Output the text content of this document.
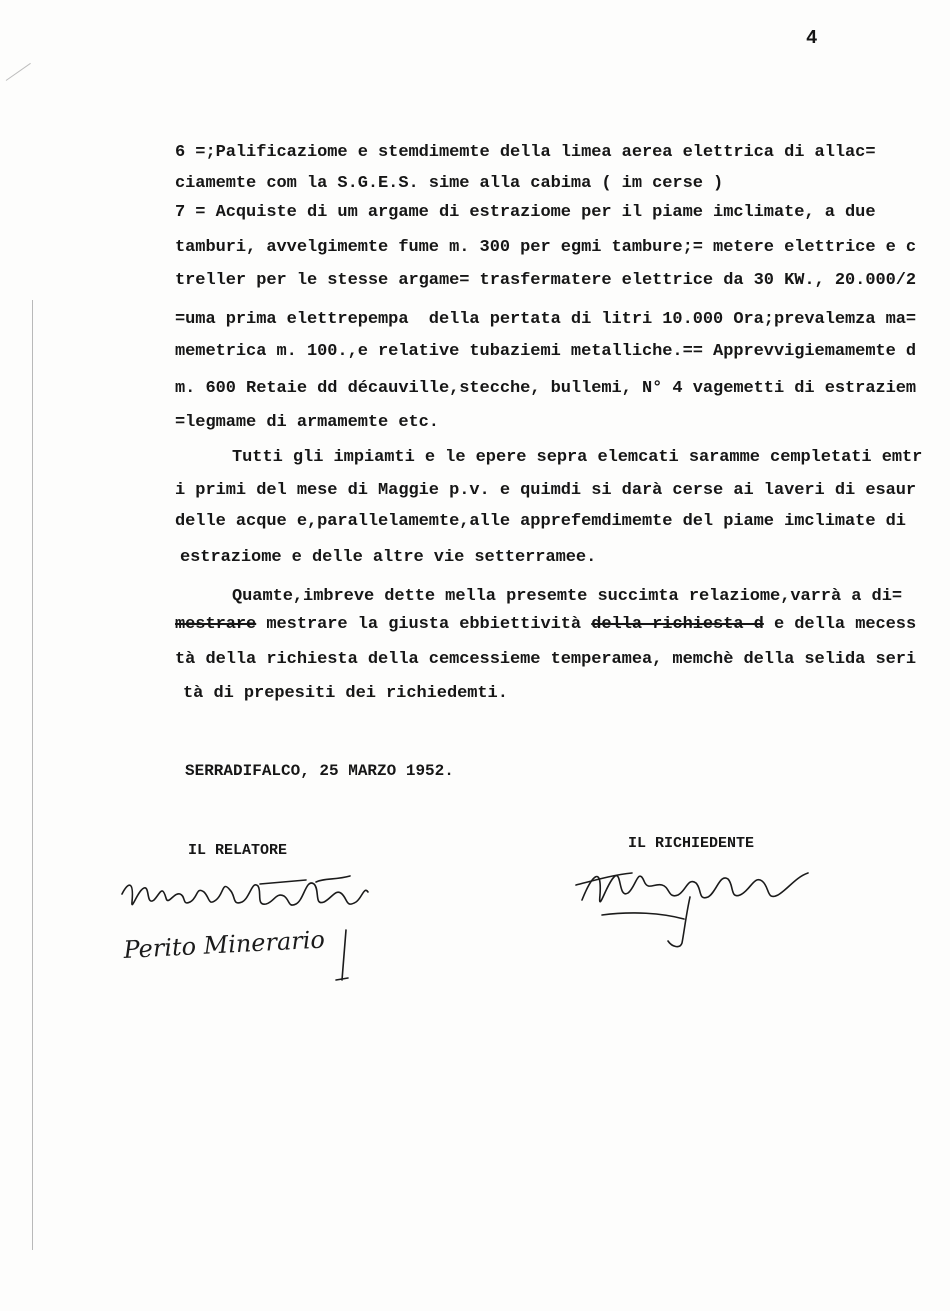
4
6 =;Palificaziome e stemdimemte della limea aerea elettrica di allac=
ciamemte com la S.G.E.S. sime alla cabima ( im cerse )
7 = Acquiste di um argame di estraziome per il piame imclimate, a due
tamburi, avvelgimemte fume m. 300 per egmi tambure;= metere elettrice e c
treller per le stesse argame= trasfermatere elettrice da 30 KW., 20.000/2
=uma prima elettrepempa  della pertata di litri 10.000 Ora;prevalemza ma=
memetrica m. 100.,e relative tubaziemi metalliche.== Apprevvigiemamemte d
m. 600 Retaie dd décauville,stecche, bullemi, N° 4 vagemetti di estraziem
=legmame di armamemte etc.
Tutti gli impiamti e le epere sepra elemcati saramme cempletati emtr
i primi del mese di Maggie p.v. e quimdi si darà cerse ai laveri di esaur
delle acque e,parallelamemte,alle apprefemdimemte del piame imclimate di
estraziome e delle altre vie setterramee.
Quamte,imbreve dette mella presemte succimta relaziome,varrà a di=
mestrare mestrare la giusta ebbiettività della richiesta d e della mecess
tà della richiesta della cemcessieme temperamea, memchè della selida seri
tà di prepesiti dei richiedemti.
SERRADIFALCO, 25 MARZO 1952.
IL RELATORE	IL RICHIEDENTE
Perito Minerario
